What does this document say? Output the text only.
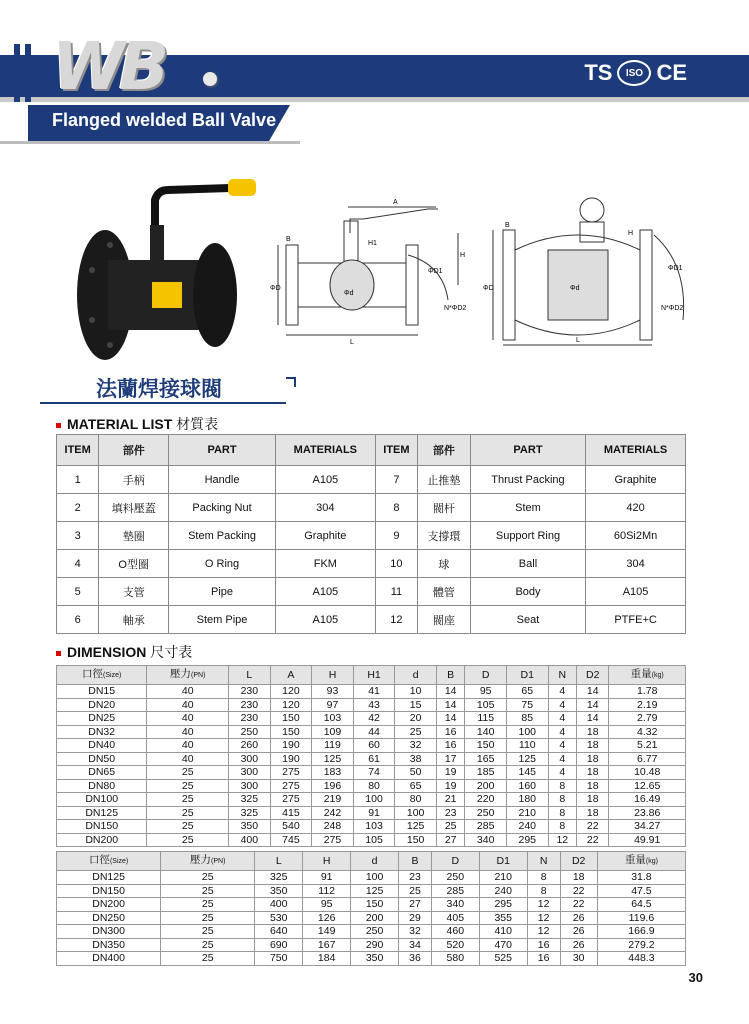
WB	TS	ISO CE
Flanged welded Ball Valve
A
H
H1
B
ΦD
ΦD1
Φd
L
N*ΦD2
H
ΦD
ΦD1
Φd
L
B
N*ΦD2
法蘭焊接球閥
MATERIAL LIST 材質表
ITEM	部件	PART	MATERIALS	ITEM	部件	PART	MATERIALS
1	手柄	Handle	A105	7	止推墊	Thrust Packing	Graphite
2	填料壓蓋	Packing Nut	304	8	閥杆	Stem	420
3	墊圈	Stem Packing	Graphite	9	支撐環	Support Ring	60Si2Mn
4	O型圈	O Ring	FKM	10	球	Ball	304
5	支管	Pipe	A105	11	體管	Body	A105
6	軸承	Stem Pipe	A105	12	閥座	Seat	PTFE+C
DIMENSION 尺寸表
口徑(Size)	壓力(PN)	L	A	H	H1	d	B	D	D1	N	D2	重量(kg)
DN15	40	230	120	93	41	10	14	95	65	4	14	1.78
DN20	40	230	120	97	43	15	14	105	75	4	14	2.19
DN25	40	230	150	103	42	20	14	115	85	4	14	2.79
DN32	40	250	150	109	44	25	16	140	100	4	18	4.32
DN40	40	260	190	119	60	32	16	150	110	4	18	5.21
DN50	40	300	190	125	61	38	17	165	125	4	18	6.77
DN65	25	300	275	183	74	50	19	185	145	4	18	10.48
DN80	25	300	275	196	80	65	19	200	160	8	18	12.65
DN100	25	325	275	219	100	80	21	220	180	8	18	16.49
DN125	25	325	415	242	91	100	23	250	210	8	18	23.86
DN150	25	350	540	248	103	125	25	285	240	8	22	34.27
DN200	25	400	745	275	105	150	27	340	295	12	22	49.91
口徑(Size)	壓力(PN)	L	H	d	B	D	D1	N	D2	重量(kg)
DN125	25	325	91	100	23	250	210	8	18	31.8
DN150	25	350	112	125	25	285	240	8	22	47.5
DN200	25	400	95	150	27	340	295	12	22	64.5
DN250	25	530	126	200	29	405	355	12	26	119.6
DN300	25	640	149	250	32	460	410	12	26	166.9
DN350	25	690	167	290	34	520	470	16	26	279.2
DN400	25	750	184	350	36	580	525	16	30	448.3
30
